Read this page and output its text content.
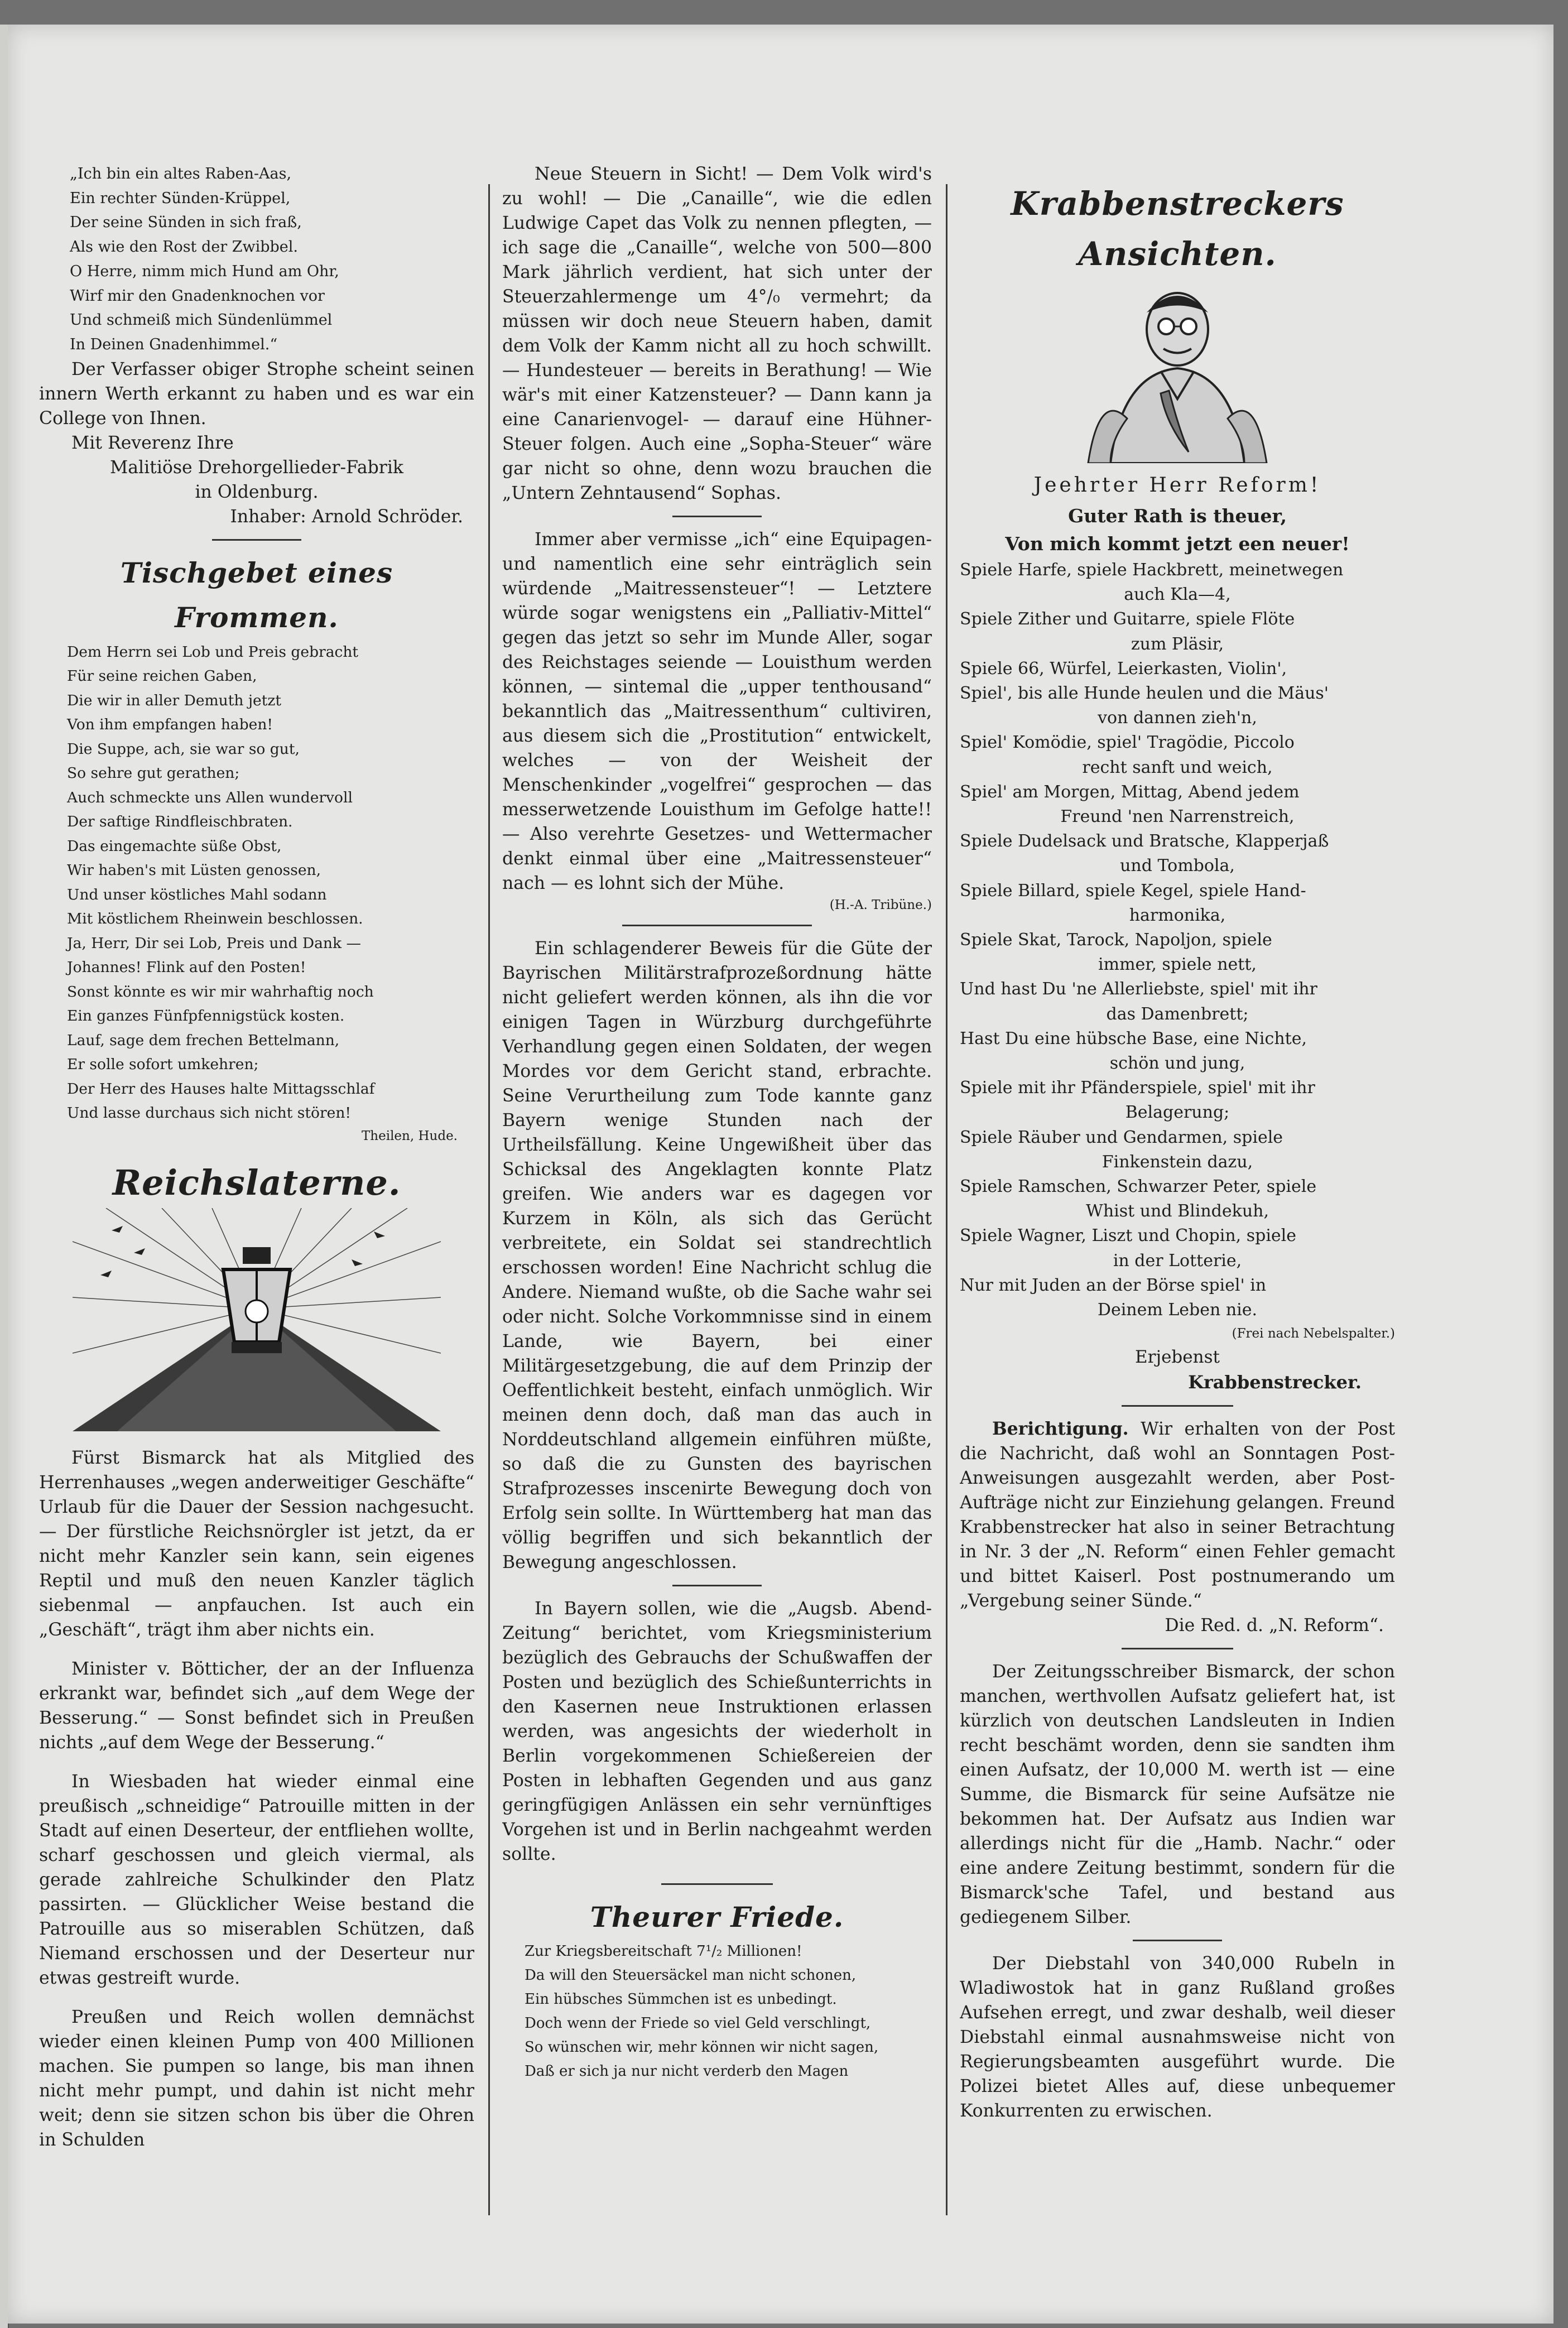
„Ich bin ein altes Raben-Aas,

Ein rechter Sünden-Krüppel,

Der seine Sünden in sich fraß,

Als wie den Rost der Zwibbel.

O Herre, nimm mich Hund am Ohr,

Wirf mir den Gnadenknochen vor

Und schmeiß mich Sündenlümmel

In Deinen Gnadenhimmel.“

Der Verfasser obiger Strophe scheint seinen innern Werth erkannt zu haben und es war ein College von Ihnen.

Mit Reverenz Ihre

Malitiöse Drehorgellieder-Fabrik

in Oldenburg.

Inhaber: Arnold Schröder.

Tischgebet eines Frommen.

Dem Herrn sei Lob und Preis gebracht

Für seine reichen Gaben,

Die wir in aller Demuth jetzt

Von ihm empfangen haben!

Die Suppe, ach, sie war so gut,

So sehre gut gerathen;

Auch schmeckte uns Allen wundervoll

Der saftige Rindfleischbraten.

Das eingemachte süße Obst,

Wir haben's mit Lüsten genossen,

Und unser köstliches Mahl sodann

Mit köstlichem Rheinwein beschlossen.

Ja, Herr, Dir sei Lob, Preis und Dank —

Johannes! Flink auf den Posten!

Sonst könnte es wir mir wahrhaftig noch

Ein ganzes Fünfpfennigstück kosten.

Lauf, sage dem frechen Bettelmann,

Er solle sofort umkehren;

Der Herr des Hauses halte Mittagsschlaf

Und lasse durchaus sich nicht stören!

Theilen, Hude.

Reichslaterne.

Fürst Bismarck hat als Mitglied des Herrenhauses „wegen anderweitiger Geschäfte“ Urlaub für die Dauer der Session nachgesucht. — Der fürstliche Reichsnörgler ist jetzt, da er nicht mehr Kanzler sein kann, sein eigenes Reptil und muß den neuen Kanzler täglich siebenmal — anpfauchen. Ist auch ein „Geschäft“, trägt ihm aber nichts ein.

Minister v. Bötticher, der an der Influenza erkrankt war, befindet sich „auf dem Wege der Besserung.“ — Sonst befindet sich in Preußen nichts „auf dem Wege der Besserung.“

In Wiesbaden hat wieder einmal eine preußisch „schneidige“ Patrouille mitten in der Stadt auf einen Deserteur, der entfliehen wollte, scharf geschossen und gleich viermal, als gerade zahlreiche Schulkinder den Platz passirten. — Glücklicher Weise bestand die Patrouille aus so miserablen Schützen, daß Niemand erschossen und der Deserteur nur etwas gestreift wurde.

Preußen und Reich wollen demnächst wieder einen kleinen Pump von 400 Millionen machen. Sie pumpen so lange, bis man ihnen nicht mehr pumpt, und dahin ist nicht mehr weit; denn sie sitzen schon bis über die Ohren in Schulden

Neue Steuern in Sicht! — Dem Volk wird's zu wohl! — Die „Canaille“, wie die edlen Ludwige Capet das Volk zu nennen pflegten, — ich sage die „Canaille“, welche von 500—800 Mark jährlich verdient, hat sich unter der Steuerzahlermenge um 4°/₀ vermehrt; da müssen wir doch neue Steuern haben, damit dem Volk der Kamm nicht all zu hoch schwillt. — Hundesteuer — bereits in Berathung! — Wie wär's mit einer Katzensteuer? — Dann kann ja eine Canarienvogel- — darauf eine Hühner-Steuer folgen. Auch eine „Sopha-Steuer“ wäre gar nicht so ohne, denn wozu brauchen die „Untern Zehntausend“ Sophas.

Immer aber vermisse „ich“ eine Equipagen- und namentlich eine sehr einträglich sein würdende „Maitressensteuer“! — Letztere würde sogar wenigstens ein „Palliativ-Mittel“ gegen das jetzt so sehr im Munde Aller, sogar des Reichstages seiende — Louisthum werden können, — sintemal die „upper tenthousand“ bekanntlich das „Maitressenthum“ cultiviren, aus diesem sich die „Prostitution“ entwickelt, welches — von der Weisheit der Menschenkinder „vogelfrei“ gesprochen — das messerwetzende Louisthum im Gefolge hatte!! — Also verehrte Gesetzes- und Wettermacher denkt einmal über eine „Maitressensteuer“ nach — es lohnt sich der Mühe.

(H.-A. Tribüne.)

Ein schlagenderer Beweis für die Güte der Bayrischen Militärstrafprozeßordnung hätte nicht geliefert werden können, als ihn die vor einigen Tagen in Würzburg durchgeführte Verhandlung gegen einen Soldaten, der wegen Mordes vor dem Gericht stand, erbrachte. Seine Verurtheilung zum Tode kannte ganz Bayern wenige Stunden nach der Urtheilsfällung. Keine Ungewißheit über das Schicksal des Angeklagten konnte Platz greifen. Wie anders war es dagegen vor Kurzem in Köln, als sich das Gerücht verbreitete, ein Soldat sei standrechtlich erschossen worden! Eine Nachricht schlug die Andere. Niemand wußte, ob die Sache wahr sei oder nicht. Solche Vorkommnisse sind in einem Lande, wie Bayern, bei einer Militärgesetzgebung, die auf dem Prinzip der Oeffentlichkeit besteht, einfach unmöglich. Wir meinen denn doch, daß man das auch in Norddeutschland allgemein einführen müßte, so daß die zu Gunsten des bayrischen Strafprozesses inscenirte Bewegung doch von Erfolg sein sollte. In Württemberg hat man das völlig begriffen und sich bekanntlich der Bewegung angeschlossen.

In Bayern sollen, wie die „Augsb. Abend-Zeitung“ berichtet, vom Kriegsministerium bezüglich des Gebrauchs der Schußwaffen der Posten und bezüglich des Schießunterrichts in den Kasernen neue Instruktionen erlassen werden, was angesichts der wiederholt in Berlin vorgekommenen Schießereien der Posten in lebhaften Gegenden und aus ganz geringfügigen Anlässen ein sehr vernünftiges Vorgehen ist und in Berlin nachgeahmt werden sollte.

Theurer Friede.

Zur Kriegsbereitschaft 7¹/₂ Millionen!

Da will den Steuersäckel man nicht schonen,

Ein hübsches Sümmchen ist es unbedingt.

Doch wenn der Friede so viel Geld verschlingt,

So wünschen wir, mehr können wir nicht sagen,

Daß er sich ja nur nicht verderb den Magen

Krabbenstreckers Ansichten.

Jeehrter Herr Reform!

Guter Rath is theuer,

Von mich kommt jetzt een neuer!

Spiele Harfe, spiele Hackbrett, meinetwegen

auch Kla—4,

Spiele Zither und Guitarre, spiele Flöte

zum Pläsir,

Spiele 66, Würfel, Leierkasten, Violin',

Spiel', bis alle Hunde heulen und die Mäus'

von dannen zieh'n,

Spiel' Komödie, spiel' Tragödie, Piccolo

recht sanft und weich,

Spiel' am Morgen, Mittag, Abend jedem

Freund 'nen Narrenstreich,

Spiele Dudelsack und Bratsche, Klapperjaß

und Tombola,

Spiele Billard, spiele Kegel, spiele Hand-

harmonika,

Spiele Skat, Tarock, Napoljon, spiele

immer, spiele nett,

Und hast Du 'ne Allerliebste, spiel' mit ihr

das Damenbrett;

Hast Du eine hübsche Base, eine Nichte,

schön und jung,

Spiele mit ihr Pfänderspiele, spiel' mit ihr

Belagerung;

Spiele Räuber und Gendarmen, spiele

Finkenstein dazu,

Spiele Ramschen, Schwarzer Peter, spiele

Whist und Blindekuh,

Spiele Wagner, Liszt und Chopin, spiele

in der Lotterie,

Nur mit Juden an der Börse spiel' in

Deinem Leben nie.

(Frei nach Nebelspalter.)

Erjebenst

Krabbenstrecker.

Berichtigung. Wir erhalten von der Post die Nachricht, daß wohl an Sonntagen Post-Anweisungen ausgezahlt werden, aber Post-Aufträge nicht zur Einziehung gelangen. Freund Krabbenstrecker hat also in seiner Betrachtung in Nr. 3 der „N. Reform“ einen Fehler gemacht und bittet Kaiserl. Post postnumerando um „Vergebung seiner Sünde.“

Die Red. d. „N. Reform“.

Der Zeitungsschreiber Bismarck, der schon manchen, werthvollen Aufsatz geliefert hat, ist kürzlich von deutschen Landsleuten in Indien recht beschämt worden, denn sie sandten ihm einen Aufsatz, der 10,000 M. werth ist — eine Summe, die Bismarck für seine Aufsätze nie bekommen hat. Der Aufsatz aus Indien war allerdings nicht für die „Hamb. Nachr.“ oder eine andere Zeitung bestimmt, sondern für die Bismarck'sche Tafel, und bestand aus gediegenem Silber.

Der Diebstahl von 340,000 Rubeln in Wladiwostok hat in ganz Rußland großes Aufsehen erregt, und zwar deshalb, weil dieser Diebstahl einmal ausnahmsweise nicht von Regierungsbeamten ausgeführt wurde. Die Polizei bietet Alles auf, diese unbequemer Konkurrenten zu erwischen.
